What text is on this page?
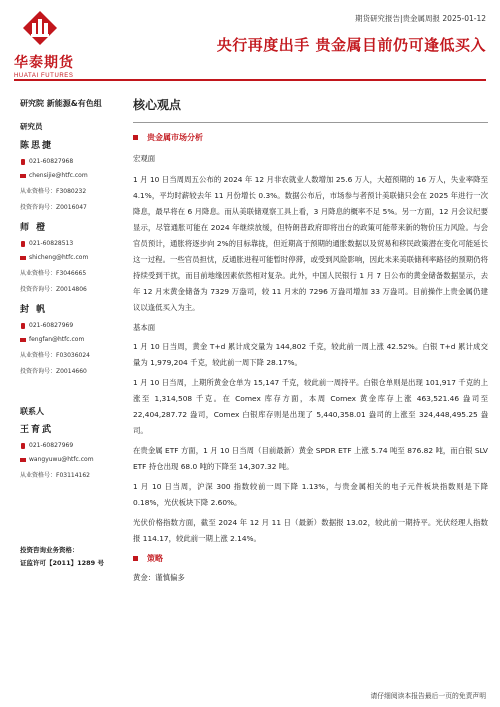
华泰期货
HUATAI FUTURES
期货研究报告|贵金属周报 2025-01-12
央行再度出手 贵金属目前仍可逢低买入
研究院 新能源&有色组
研究员
陈思捷
021-60827968
chensijie@htfc.com
从业资格号：F3080232
投资咨询号：Z0016047
师 橙
021-60828513
shicheng@htfc.com
从业资格号：F3046665
投资咨询号：Z0014806
封 帆
021-60827969
fengfan@htfc.com
从业资格号：F03036024
投资咨询号：Z0014660
联系人
王育武
021-60827969
wangyuwu@htfc.com
从业资格号：F03114162
投资咨询业务资格：
证监许可【2011】1289 号
核心观点
贵金属市场分析
宏观面
1 月 10 日当周周五公布的 2024 年 12 月非农就业人数增加 25.6 万人，大超预期的 16 万人，失业率降至 4.1%，平均时薪较去年 11 月份增长 0.3%。数据公布后，市场参与者预计美联储只会在 2025 年进行一次降息，最早将在 6 月降息。而从美联储观察工具上看，3 月降息的概率不足 5%。另一方面，12 月会议纪要显示，尽管通胀可能在 2024 年继续放缓，但特朗普政府即将出台的政策可能带来新的物价压力风险。与会官员预计，通胀将逐步向 2%的目标靠拢，但近期高于预期的通胀数据以及贸易和移民政策潜在变化可能延长这一过程。一些官员担忧，反通胀进程可能暂时停滞，或受到风险影响，因此未来美联储利率路径的预期仍将持续受到干扰，而目前地缘因素依然相对复杂。此外，中国人民银行 1 月 7 日公布的黄金储备数据显示，去年 12 月末黄金储备为 7329 万盎司，较 11 月末的 7296 万盎司增加 33 万盎司。目前操作上贵金属仍建议以逢低买入为主。
基本面
1 月 10 日当周，黄金 T+d 累计成交量为 144,802 千克，较此前一周上涨 42.52%。白银 T+d 累计成交量为 1,979,204 千克，较此前一周下降 28.17%。
1 月 10 日当周，上期所黄金仓单为 15,147 千克，较此前一周持平。白银仓单则是出现 101,917 千克的上涨至 1,314,508 千克。在 Comex 库存方面，本周 Comex 黄金库存上涨 463,521.46 盎司至 22,404,287.72 盎司，Comex 白银库存则是出现了 5,440,358.01 盎司的上涨至 324,448,495.25 盎司。
在贵金属 ETF 方面，1 月 10 日当周（目前最新）黄金 SPDR ETF 上涨 5.74 吨至 876.82 吨，而白银 SLV ETF 持仓出现 68.0 吨的下降至 14,307.32 吨。
1 月 10 日当周，沪深 300 指数较前一周下降 1.13%，与贵金属相关的电子元件板块指数则是下降 0.18%，光伏板块下降 2.60%。
光伏价格指数方面，截至 2024 年 12 月 11 日（最新）数据报 13.02，较此前一期持平。光伏经理人指数报 114.17，较此前一期上涨 2.14%。
策略
黄金：谨慎偏多
请仔细阅读本报告最后一页的免责声明
